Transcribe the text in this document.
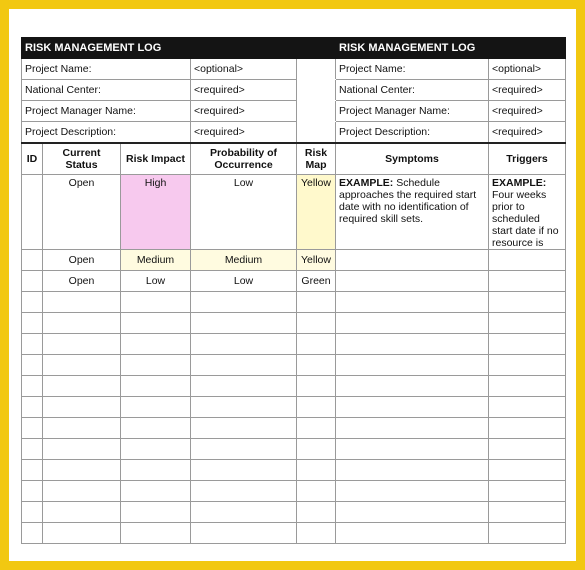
RISK MANAGEMENT LOG					RISK MANAGEMENT LOG	
Project Name:			<optional>		Project Name:	<optional>
National Center:			<required>		National Center:	<required>
Project Manager Name:			<required>		Project Manager Name:	<required>
Project Description:			<required>		Project Description:	<required>
ID	Current Status	Risk Impact	Probability of Occurrence	Risk Map	Symptoms	Triggers
	Open	High	Low	Yellow	EXAMPLE: Schedule approaches the required start date with no identification of required skill sets.	EXAMPLE: Four weeks prior to scheduled start date if no resource is
	Open	Medium	Medium	Yellow		
	Open	Low	Low	Green		
